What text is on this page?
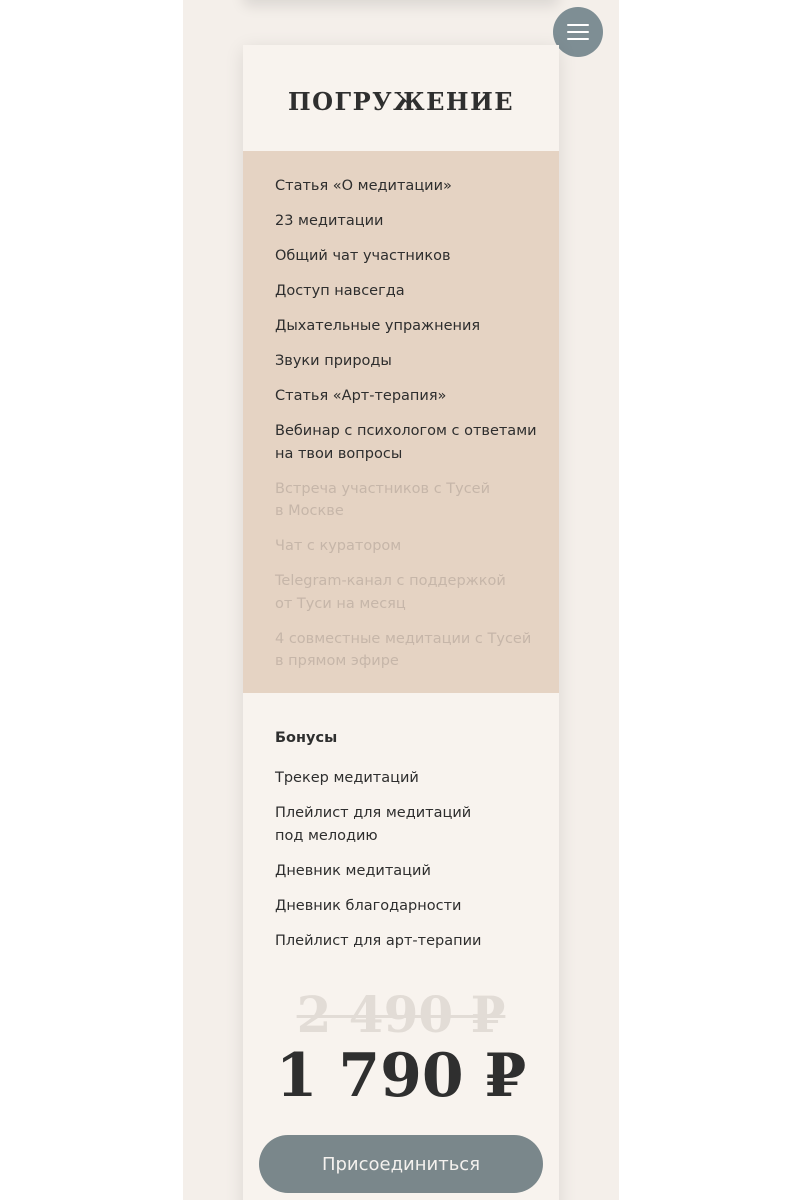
ПОГРУЖЕНИЕ
Статья «О медитации»
23 медитации
Общий чат участников
Доступ навсегда
Дыхательные упражнения
Звуки природы
Статья «Арт-терапия»
Вебинар с психологом с ответами
на твои вопросы
Встреча участников с Тусей
в Москве
Чат с куратором
Telegram-канал с поддержкой
от Туси на месяц
4 совместные медитации с Тусей
в прямом эфире
Бонусы
Трекер медитаций
Плейлист для медитаций
под мелодию
Дневник медитаций
Дневник благодарности
Плейлист для арт-терапии
2 490 ₽
1 790 ₽
Присоединиться
